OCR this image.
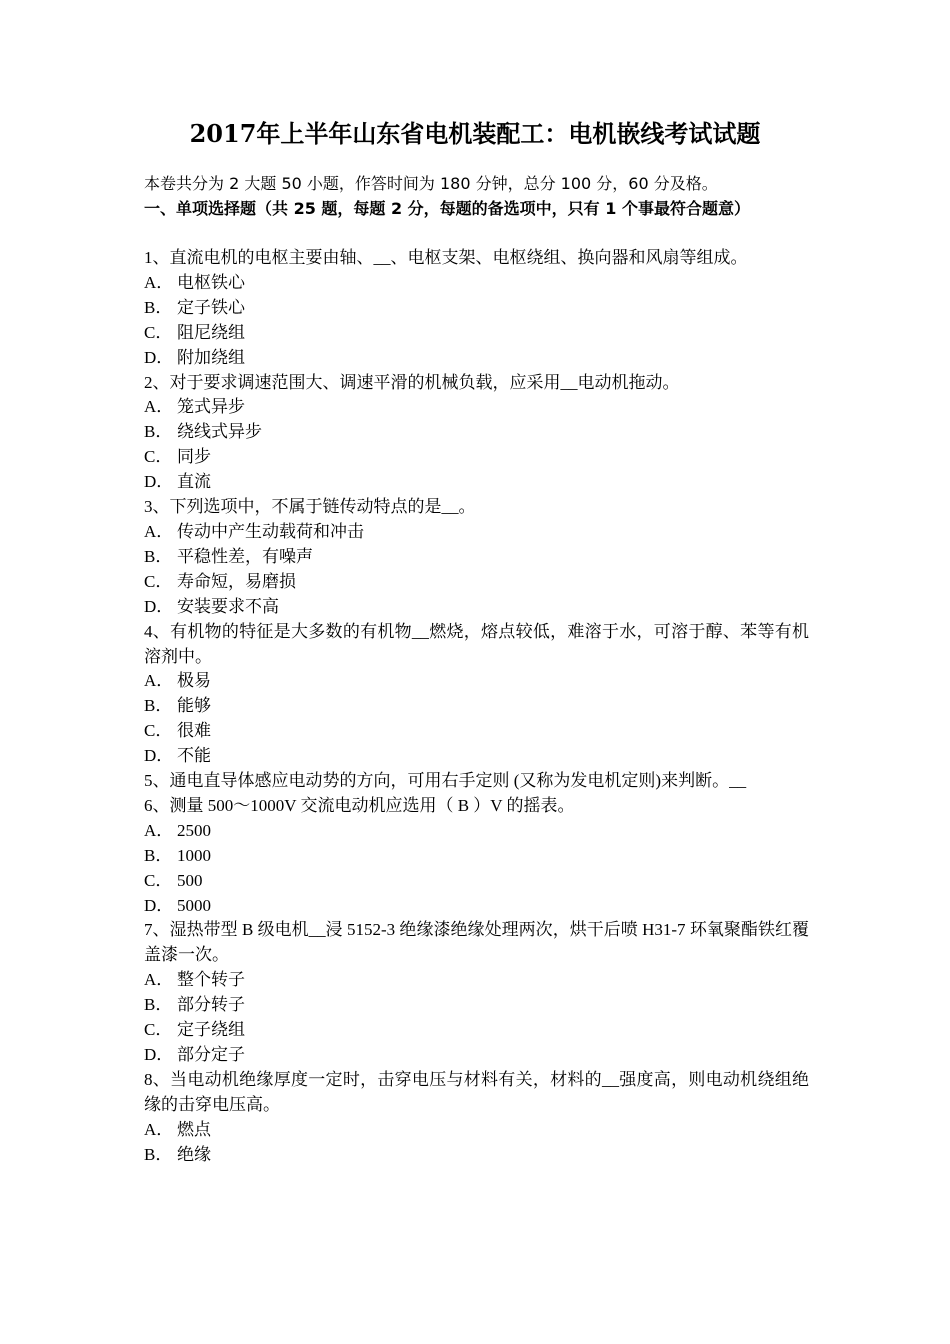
2017年上半年山东省电机装配工：电机嵌线考试试题
本卷共分为 2 大题 50 小题，作答时间为 180 分钟，总分 100 分，60 分及格。
一、单项选择题（共 25 题，每题 2 分，每题的备选项中，只有 1 个事最符合题意）
1、直流电机的电枢主要由轴、__、电枢支架、电枢绕组、换向器和风扇等组成。
A． 电枢铁心
B． 定子铁心
C． 阻尼绕组
D． 附加绕组
2、对于要求调速范围大、调速平滑的机械负载，应采用__电动机拖动。
A． 笼式异步
B． 绕线式异步
C． 同步
D． 直流
3、下列选项中，不属于链传动特点的是__。
A． 传动中产生动载荷和冲击
B． 平稳性差，有噪声
C． 寿命短，易磨损
D． 安装要求不高
4、有机物的特征是大多数的有机物__燃烧，熔点较低，难溶于水，可溶于醇、苯等有机溶剂中。
A． 极易
B． 能够
C． 很难
D． 不能
5、通电直导体感应电动势的方向，可用右手定则 (又称为发电机定则)来判断。__
6、测量 500～1000V 交流电动机应选用（ B ）V 的摇表。
A． 2500
B． 1000
C． 500
D． 5000
7、湿热带型 B 级电机__浸 5152-3 绝缘漆绝缘处理两次，烘干后喷 H31-7 环氧聚酯铁红覆盖漆一次。
A． 整个转子
B． 部分转子
C． 定子绕组
D． 部分定子
8、当电动机绝缘厚度一定时，击穿电压与材料有关，材料的__强度高，则电动机绕组绝缘的击穿电压高。
A． 燃点
B． 绝缘
